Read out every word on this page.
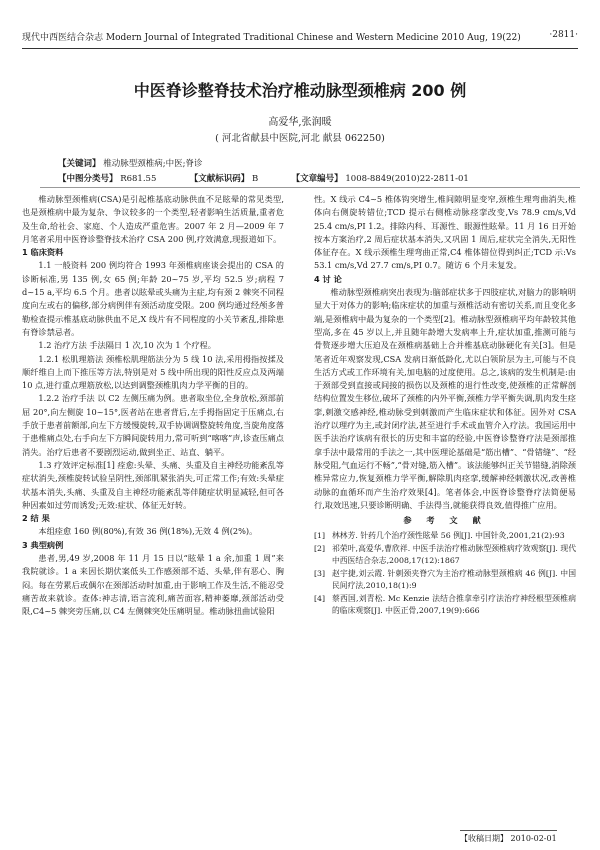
现代中西医结合杂志 Modern Journal of Integrated Traditional Chinese and Western Medicine 2010 Aug, 19(22)	·2811·
中医脊诊整脊技术治疗椎动脉型颈椎病 200 例
高爱华,张润暖
( 河北省献县中医院,河北 献县 062250)
【关键词】 椎动脉型颈椎病;中医;脊诊
【中图分类号】 R681.55	【文献标识码】 B	【文章编号】 1008-8849(2010)22-2811-01

椎动脉型颈椎病(CSA)是引起椎基底动脉供血不足眩晕的常见类型,也是颈椎病中最为复杂、争议较多的一个类型,轻者影响生活质量,重者危及生命,给社会、家庭、个人造成严重危害。2007 年 2 月—2009 年 7 月笔者采用中医脊诊整脊技术治疗 CSA 200 例,疗效满意,现报道如下。

1 临床资料

1.1 一般资料 200 例均符合 1993 年颈椎病座谈会提出的 CSA 的诊断标准,男 135 例,女 65 例;年龄 20~75 岁,平均 52.5 岁;病程 7 d~15 a,平均 6.5 个月。患者以眩晕或头痛为主症,均有颈 2 棘突不同程度向左或右的偏移,部分病例伴有颈活动度受限。200 例均通过经颅多普勒检查提示椎基底动脉供血不足,X 线片有不同程度的小关节紊乱,排除患有脊诊禁忌者。

1.2 治疗方法 手法隔日 1 次,10 次为 1 个疗程。

1.2.1 松肌理筋法 颈椎松肌理筋法分为 5 线 10 法,采用拇指按揉及顺纤维自上而下推压等方法,特别是对 5 线中所出现的阳性反应点及两端 10 点,进行重点理筋放松,以达到调整颈椎肌肉力学平衡的目的。

1.2.2 治疗手法 以 C2 左侧压痛为例。患者取坐位,全身放松,颈部前屈 20°,向左侧旋 10~15°,医者站在患者背后,左手拇指固定于压痛点,右手放于患者前额部,向左下方缓慢旋转,双手协调调整旋转角度,当旋角度落于患椎痛点处,右手向左下方瞬间旋转用力,常可听到“喀喀”声,诊查压痛点消失。治疗后患者不要剧烈运动,做到坐正、站直、躺平。

1.3 疗效评定标准[1] 痊愈:头晕、头痛、头重及自主神经功能紊乱等症状消失,颈椎旋转试验呈阴性,颈部肌紧张消失,可正常工作;有效:头晕症状基本消失,头痛、头重及自主神经功能紊乱等伴随症状明显减轻,但可各种因素如过劳而诱发;无效:症状、体征无好转。

2 结 果

本组痊愈 160 例(80%),有效 36 例(18%),无效 4 例(2%)。

3 典型病例

患者,男,49 岁,2008 年 11 月 15 日以“眩晕 1 a 余,加重 1 周”来我院就诊。1 a 来因长期伏案低头工作感颈部不适、头晕,伴有恶心、胸闷。每在劳累后或偶尔在颈部活动时加重,由于影响工作及生活,不能忍受痛苦故来就诊。查体:神志清,语言流利,痛苦面容,精神萎靡,颈部活动受限,C4~5 棘突旁压痛,以 C4 左侧棘突处压痛明显。椎动脉扭曲试验阳

性。X 线示 C4~5 椎体钩突增生,椎间隙明显变窄,颈椎生理弯曲消失,椎体向右侧旋转错位;TCD 提示右侧椎动脉痉挛改变,Vs 78.9 cm/s,Vd 25.4 cm/s,PI 1.2。排除内科、耳源性、眼源性眩晕。11 月 16 日开始按本方案治疗,2 周后症状基本消失,又巩固 1 周后,症状完全消失,无阳性体征存在。X 线示颈椎生理弯曲正常,C4 椎体错位得到纠正;TCD 示:Vs 53.1 cm/s,Vd 27.7 cm/s,PI 0.7。随访 6 个月未复发。

4 讨 论

椎动脉型颈椎病突出表现为:脑部症状多于四肢症状,对脑力的影响明显大于对体力的影响;临床症状的加重与颈椎活动有密切关系,而且变化多端,是颈椎病中最为复杂的一个类型[2]。椎动脉型颈椎病平均年龄较其他型高,多在 45 岁以上,并且随年龄增大发病率上升,症状加重,推测可能与骨赘逐步增大压迫及在颈椎病基础上合并椎基底动脉硬化有关[3]。但是笔者近年观察发现,CSA 发病日渐低龄化,尤以白领阶层为主,可能与不良生活方式或工作环境有关,加电脑的过度使用。总之,该病的发生机制是:由于颈部受到直接或间接的损伤以及颈椎的退行性改变,使颈椎的正常解剖结构位置发生移位,破坏了颈椎的内外平衡,颈椎力学平衡失调,肌肉发生痉挛,刺激交感神经,椎动脉受到刺激而产生临床症状和体征。因外对 CSA 治疗以理疗为主,或封闭疗法,甚至进行手术或血管介入疗法。我国运用中医手法治疗该病有很长的历史和丰富的经验,中医脊诊整脊疗法是颈部推拿手法中最常用的手法之一,其中医理论基础是“筋出槽”、“骨错缝”、“经脉受阻,气血运行不畅”,“骨对缝,筋入槽”。该法能够纠正关节错缝,消除颈椎异常应力,恢复颈椎力学平衡,解除肌肉痉挛,缓解神经刺激状况,改善椎动脉的血循环而产生治疗效果[4]。笔者体会,中医脊诊整脊疗法简便易行,取效迅速,只要诊断明确、手法得当,就能获得良效,值得推广应用。

参 考 文 献

[1] 林林芳. 针药几个治疗颈性眩晕 56 例[J]. 中国针灸,2001,21(2):93

[2] 祁荣叶,高爱华,曹欣祥. 中医手法治疗椎动脉型颈椎病疗效观察[J]. 现代中西医结合杂志,2008,17(12):1867

[3] 赵宇捷,刘云霞. 针刺颈夹脊穴为主治疗椎动脉型颈椎病 46 例[J]. 中国民间疗法,2010,18(1):9

[4] 蔡西国,刘青松. Mc Kenzie 法结合推拿牵引疗法治疗神经根型颈椎病的临床观察[J]. 中医正骨,2007,19(9):666

【收稿日期】 2010-02-01
